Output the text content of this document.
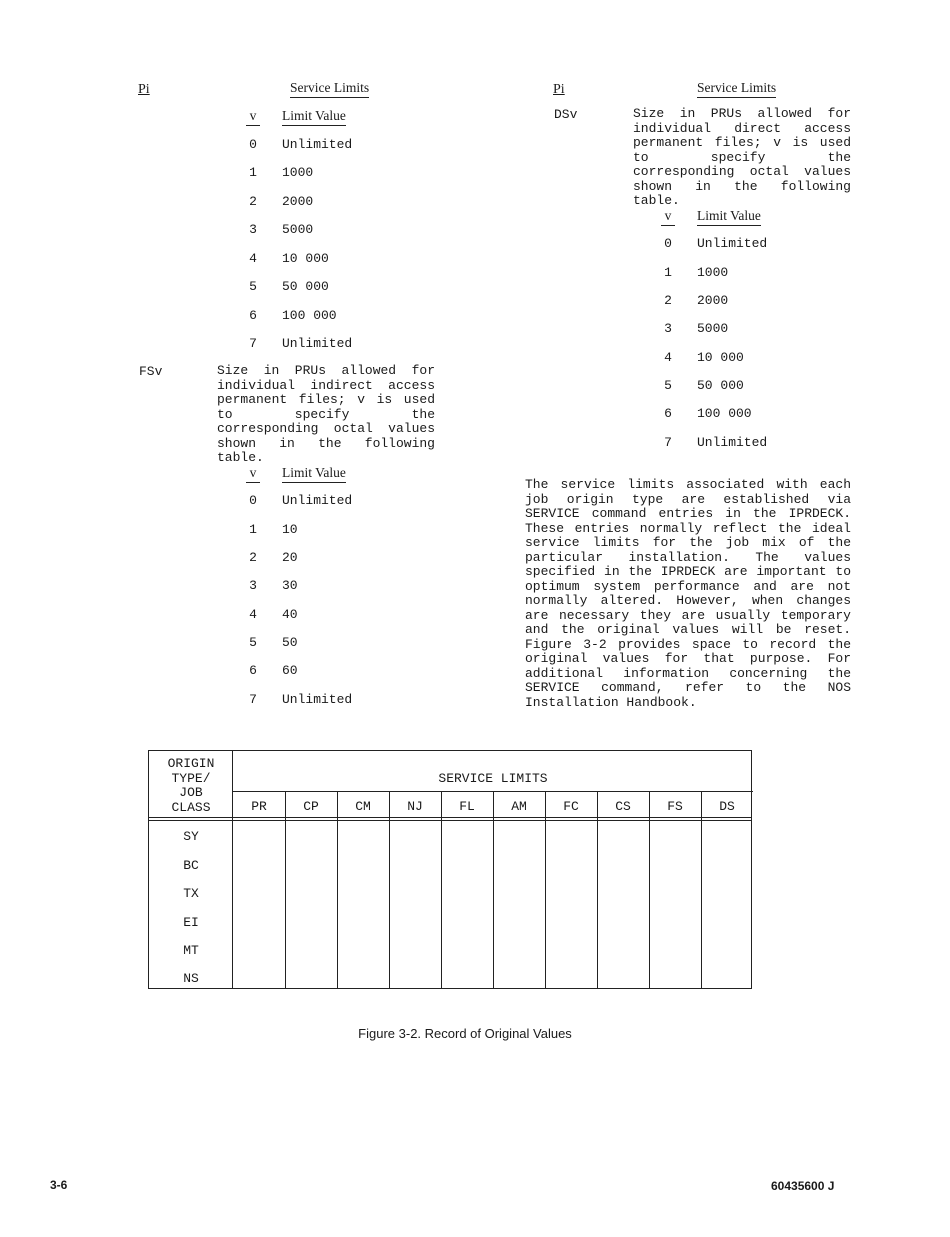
Pi	Service Limits
v Limit Value
0 Unlimited
1 1000
2 2000
3 5000
4 10 000
5 50 000
6 100 000
7 Unlimited
FSv	Size in PRUs allowed for individual indirect access permanent files; v is used to specify the corresponding octal values shown in the following table.
v Limit Value
0 Unlimited
1 10
2 20
3 30
4 40
5 50
6 60
7 Unlimited
Pi	Service Limits
DSv	Size in PRUs allowed for individual direct access permanent files; v is used to specify the corresponding octal values shown in the following table.
v Limit Value
0 Unlimited
1 1000
2 2000
3 5000
4 10 000
5 50 000
6 100 000
7 Unlimited
The service limits associated with each job origin type are established via SERVICE command entries in the IPRDECK. These entries normally reflect the ideal service limits for the job mix of the particular installation. The values specified in the IPRDECK are important to optimum system performance and are not normally altered. However, when changes are necessary they are usually temporary and the original values will be reset. Figure 3-2 provides space to record the original values for that purpose. For additional information concerning the SERVICE command, refer to the NOS Installation Handbook.
ORIGIN
TYPE/
JOB
CLASS
SERVICE LIMITS
PR	CP	CM	NJ	FL	AM	FC	CS	FS	DS
SY
BC
TX
EI
MT
NS
Figure 3-2. Record of Original Values
3-6	60435600 J
